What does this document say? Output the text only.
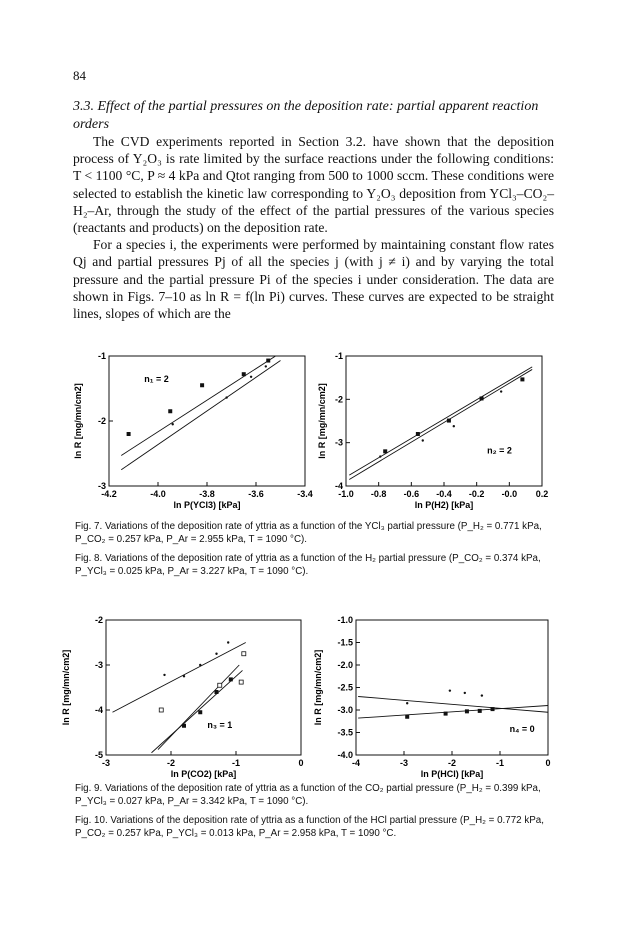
84
3.3. Effect of the partial pressures on the deposition rate: partial apparent reaction orders

The CVD experiments reported in Section 3.2. have shown that the deposition process of Y₂O₃ is rate limited by the surface reactions under the following conditions: T < 1100 °C, P ≈ 4 kPa and Qtot ranging from 500 to 1000 sccm. These conditions were selected to establish the kinetic law corresponding to Y₂O₃ deposition from YCl₃–CO₂–H₂–Ar, through the study of the effect of the partial pressures of the various species (reactants and products) on the deposition rate.

For a species i, the experiments were performed by maintaining constant flow rates Qj and partial pressures Pj of all the species j (with j ≠ i) and by varying the total pressure and the partial pressure Pi of the species i under consideration. The data are shown in Figs. 7–10 as ln R = f(ln Pi) curves. These curves are expected to be straight lines, slopes of which are the

-4.2	-4.0	-3.8	-3.6	-3.4
-1
-2
-3
ln P(YCl3) [kPa]
ln R [mg/mn/cm2]
n₁ = 2
-1.0 -0.8 -0.6 -0.4 -0.2 -0.0 0.2
-1
-2
-3
-4
ln P(H2) [kPa]
ln R [mg/mn/cm2]	n₂ = 2
Fig. 7. Variations of the deposition rate of yttria as a function of the YCl₃ partial pressure (P_H₂ = 0.771 kPa, P_CO₂ = 0.257 kPa, P_Ar = 2.955 kPa, T = 1090 °C).
Fig. 8. Variations of the deposition rate of yttria as a function of the H₂ partial pressure (P_CO₂ = 0.374 kPa, P_YCl₃ = 0.025 kPa, P_Ar = 3.227 kPa, T = 1090 °C).
-3	-2	-1	0
-2
-3
-4
-5
ln P(CO2) [kPa]
ln R [mg/mn/cm2]	n₃ = 1
-4	-3	-2	-1	0
-1.0
-1.5
-2.0
-2.5
-3.0
-3.5
-4.0
ln P(HCl) [kPa]
ln R [mg/mn/cm2]
n₄ = 0
Fig. 9. Variations of the deposition rate of yttria as a function of the CO₂ partial pressure (P_H₂ = 0.399 kPa, P_YCl₃ = 0.027 kPa, P_Ar = 3.342 kPa, T = 1090 °C).
Fig. 10. Variations of the deposition rate of yttria as a function of the HCl partial pressure (P_H₂ = 0.772 kPa, P_CO₂ = 0.257 kPa, P_YCl₃ = 0.013 kPa, P_Ar = 2.958 kPa, T = 1090 °C.
